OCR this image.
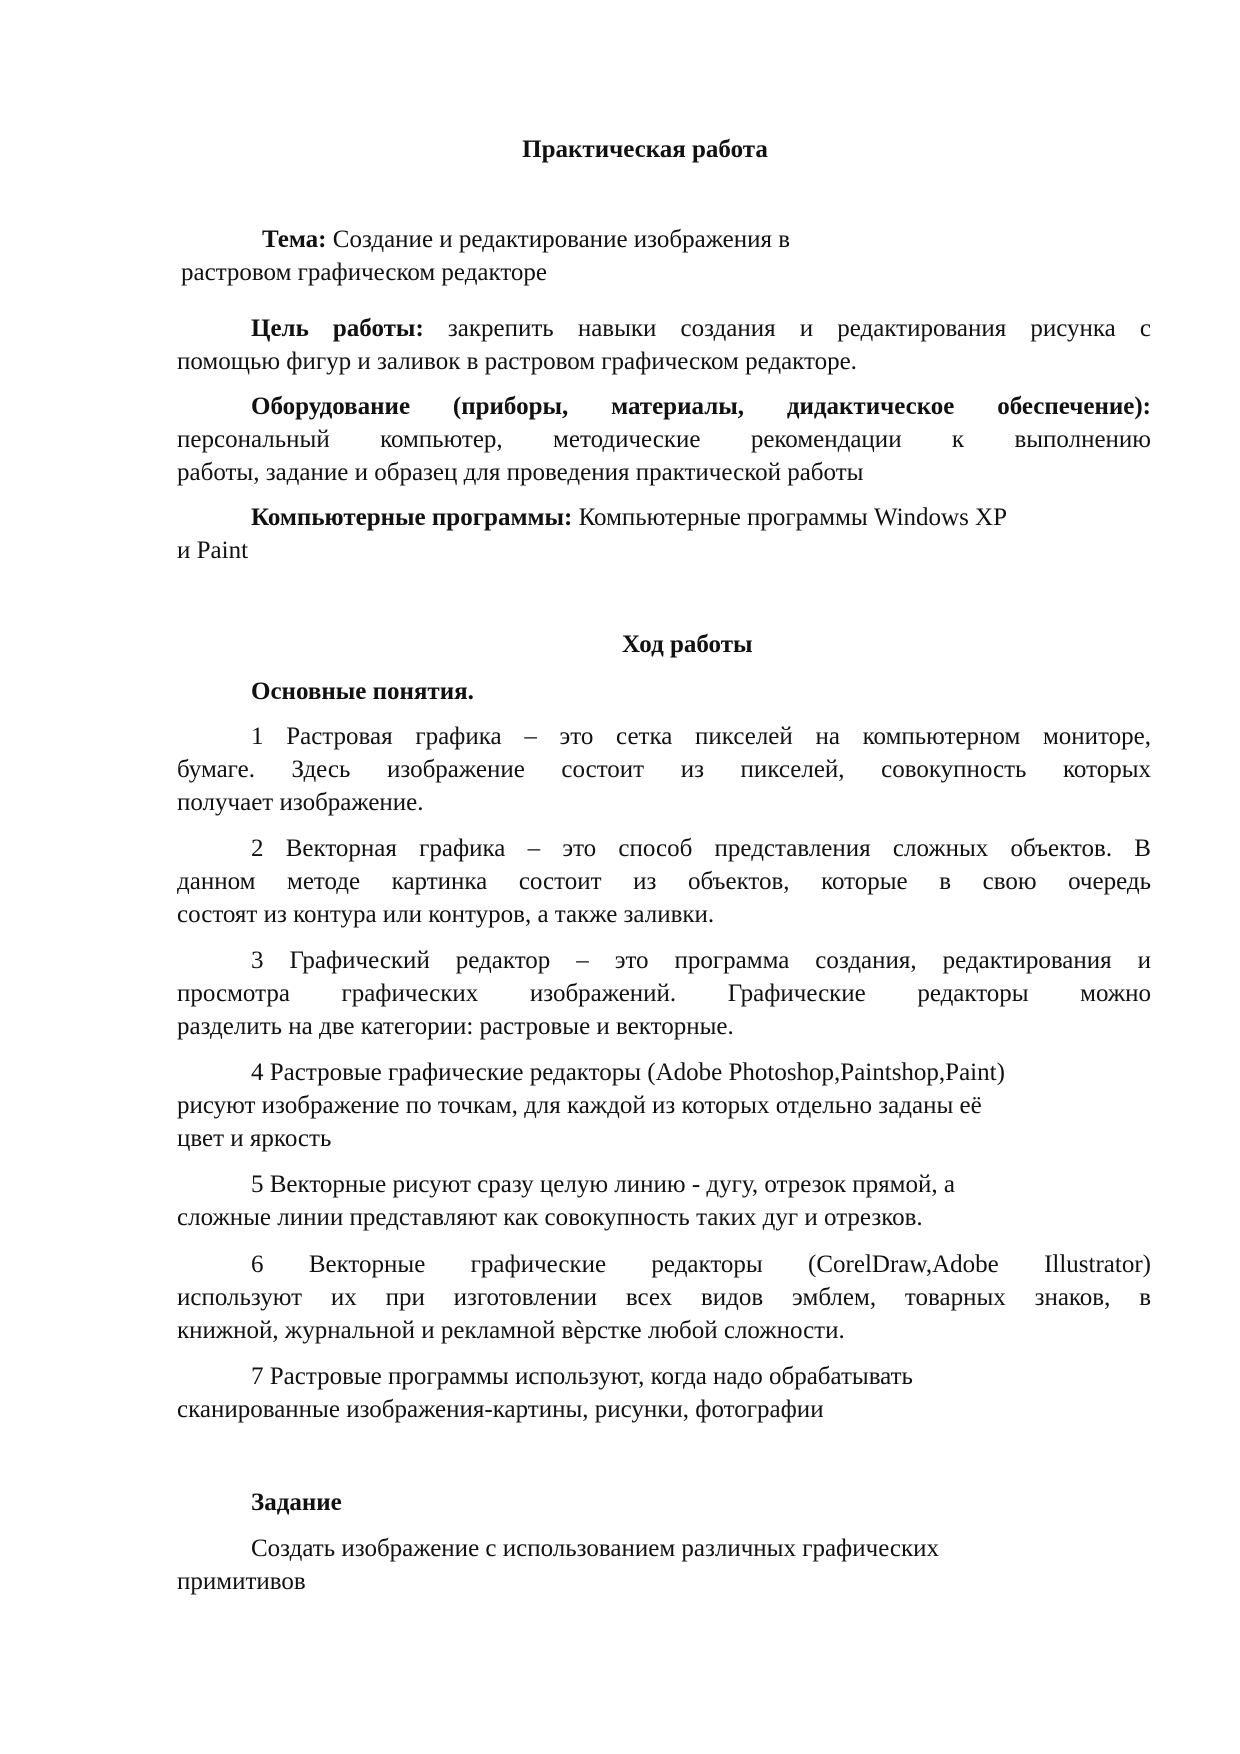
Практическая работа
Тема: Создание и редактирование изображения в
растровом графическом редакторе
Цель работы: закрепить навыки создания и редактирования рисунка с
помощью фигур и заливок в растровом графическом редакторе.
Оборудование (приборы, материалы, дидактическое обеспечение):
персональный компьютер, методические рекомендации к выполнению
работы, задание и образец для проведения практической работы
Компьютерные программы: Компьютерные программы Windows XP
и Paint
Ход работы
Основные понятия.
1 Растровая графика – это сетка пикселей на компьютерном мониторе,
бумаге. Здесь изображение состоит из пикселей, совокупность которых
получает изображение.
2 Векторная графика – это способ представления сложных объектов. В
данном методе картинка состоит из объектов, которые в свою очередь
состоят из контура или контуров, а также заливки.
3 Графический редактор – это программа создания, редактирования и
просмотра графических изображений. Графические редакторы можно
разделить на две категории: растровые и векторные.
4 Растровые графические редакторы (Adobe Photoshop,Paintshop,Paint)
рисуют изображение по точкам, для каждой из которых отдельно заданы её
цвет и яркость
5 Векторные рисуют сразу целую линию - дугу, отрезок прямой, а
сложные линии представляют как совокупность таких дуг и отрезков.
6 Векторные графические редакторы (CorelDraw,Adobe Illustrator)
используют их при изготовлении всех видов эмблем, товарных знаков, в
книжной, журнальной и рекламной вѐрстке любой сложности.
7 Растровые программы используют, когда надо обрабатывать
сканированные изображения-картины, рисунки, фотографии
Задание
Создать изображение с использованием различных графических
примитивов
